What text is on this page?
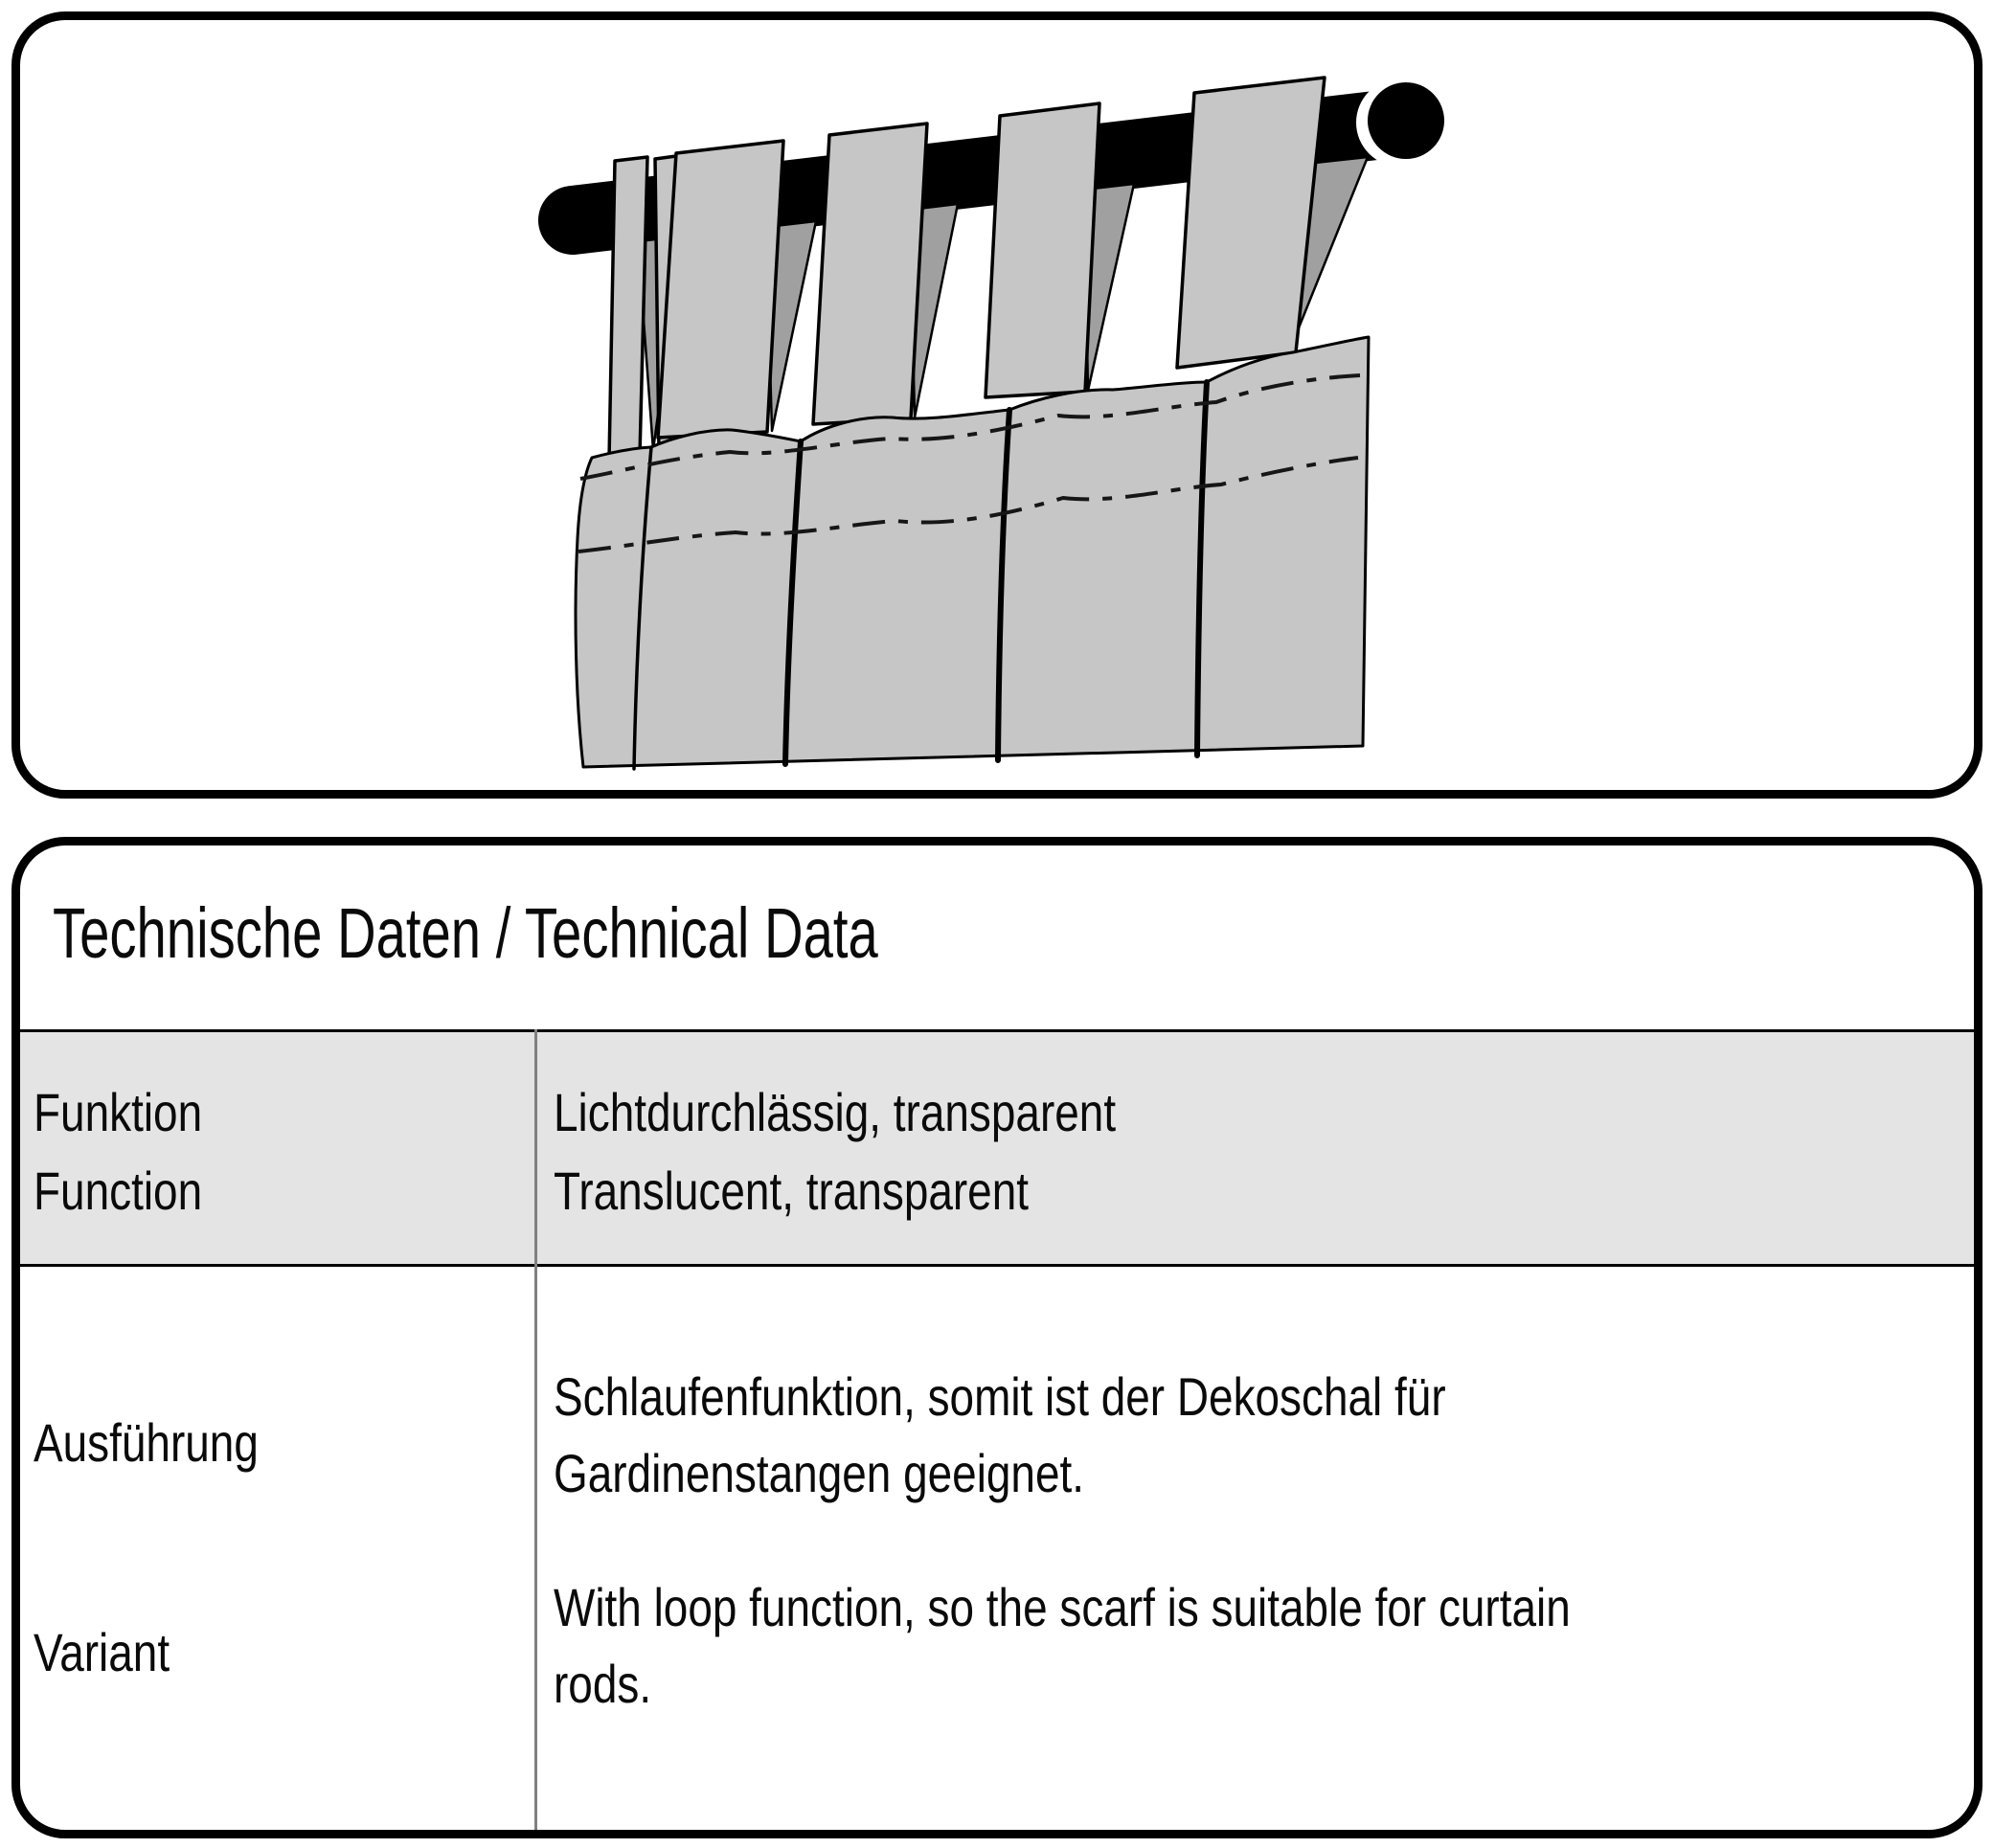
Technische Daten / Technical Data
Funktion
Function
Lichtdurchlässig, transparent
Translucent, transparent
Ausführung
Variant
Schlaufenfunktion, somit ist der Dekoschal für
Gardinenstangen geeignet.
With loop function, so the scarf is suitable for curtain
rods.
